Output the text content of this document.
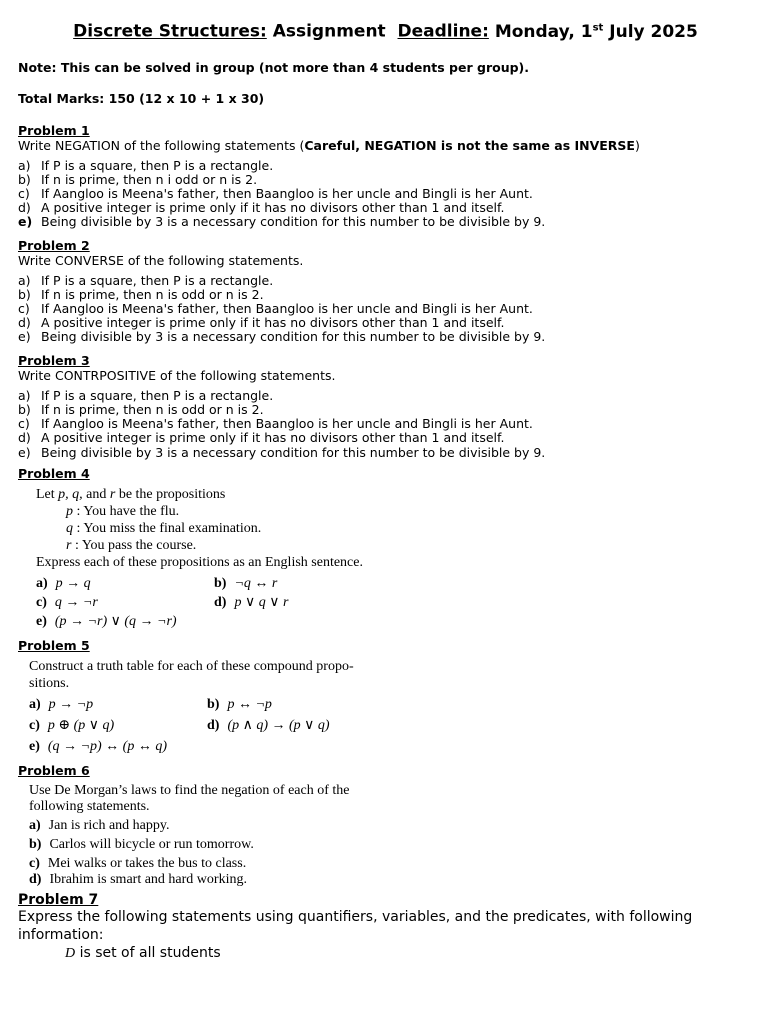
Discrete Structures: Assignment Deadline: Monday, 1st July 2025
Note: This can be solved in group (not more than 4 students per group).
Total Marks: 150 (12 x 10 + 1 x 30)
Problem 1
Write NEGATION of the following statements (Careful, NEGATION is not the same as INVERSE)
a) If P is a square, then P is a rectangle.
b) If n is prime, then n i odd or n is 2.
c) If Aangloo is Meena's father, then Baangloo is her uncle and Bingli is her Aunt.
d) A positive integer is prime only if it has no divisors other than 1 and itself.
e) Being divisible by 3 is a necessary condition for this number to be divisible by 9.
Problem 2
Write CONVERSE of the following statements.
a) If P is a square, then P is a rectangle.
b) If n is prime, then n is odd or n is 2.
c) If Aangloo is Meena's father, then Baangloo is her uncle and Bingli is her Aunt.
d) A positive integer is prime only if it has no divisors other than 1 and itself.
e) Being divisible by 3 is a necessary condition for this number to be divisible by 9.
Problem 3
Write CONTRPOSITIVE of the following statements.
a) If P is a square, then P is a rectangle.
b) If n is prime, then n is odd or n is 2.
c) If Aangloo is Meena's father, then Baangloo is her uncle and Bingli is her Aunt.
d) A positive integer is prime only if it has no divisors other than 1 and itself.
e) Being divisible by 3 is a necessary condition for this number to be divisible by 9.
Problem 4
Let p, q, and r be the propositions
p : You have the flu.
q : You miss the final examination.
r : You pass the course.
Express each of these propositions as an English sentence.
a) p → q	b) ¬q ↔ r
c) q → ¬r	d) p ∨ q ∨ r
e) (p → ¬r) ∨ (q → ¬r)
Problem 5
Construct a truth table for each of these compound propo-
sitions.
a) p → ¬p	b) p ↔ ¬p
c) p ⊕ (p ∨ q)	d) (p ∧ q) → (p ∨ q)
e) (q → ¬p) ↔ (p ↔ q)
Problem 6
Use De Morgan’s laws to find the negation of each of the
following statements.
a) Jan is rich and happy.
b) Carlos will bicycle or run tomorrow.
c) Mei walks or takes the bus to class.
d) Ibrahim is smart and hard working.
Problem 7
Express the following statements using quantifiers, variables, and the predicates, with following information:
D is set of all students
